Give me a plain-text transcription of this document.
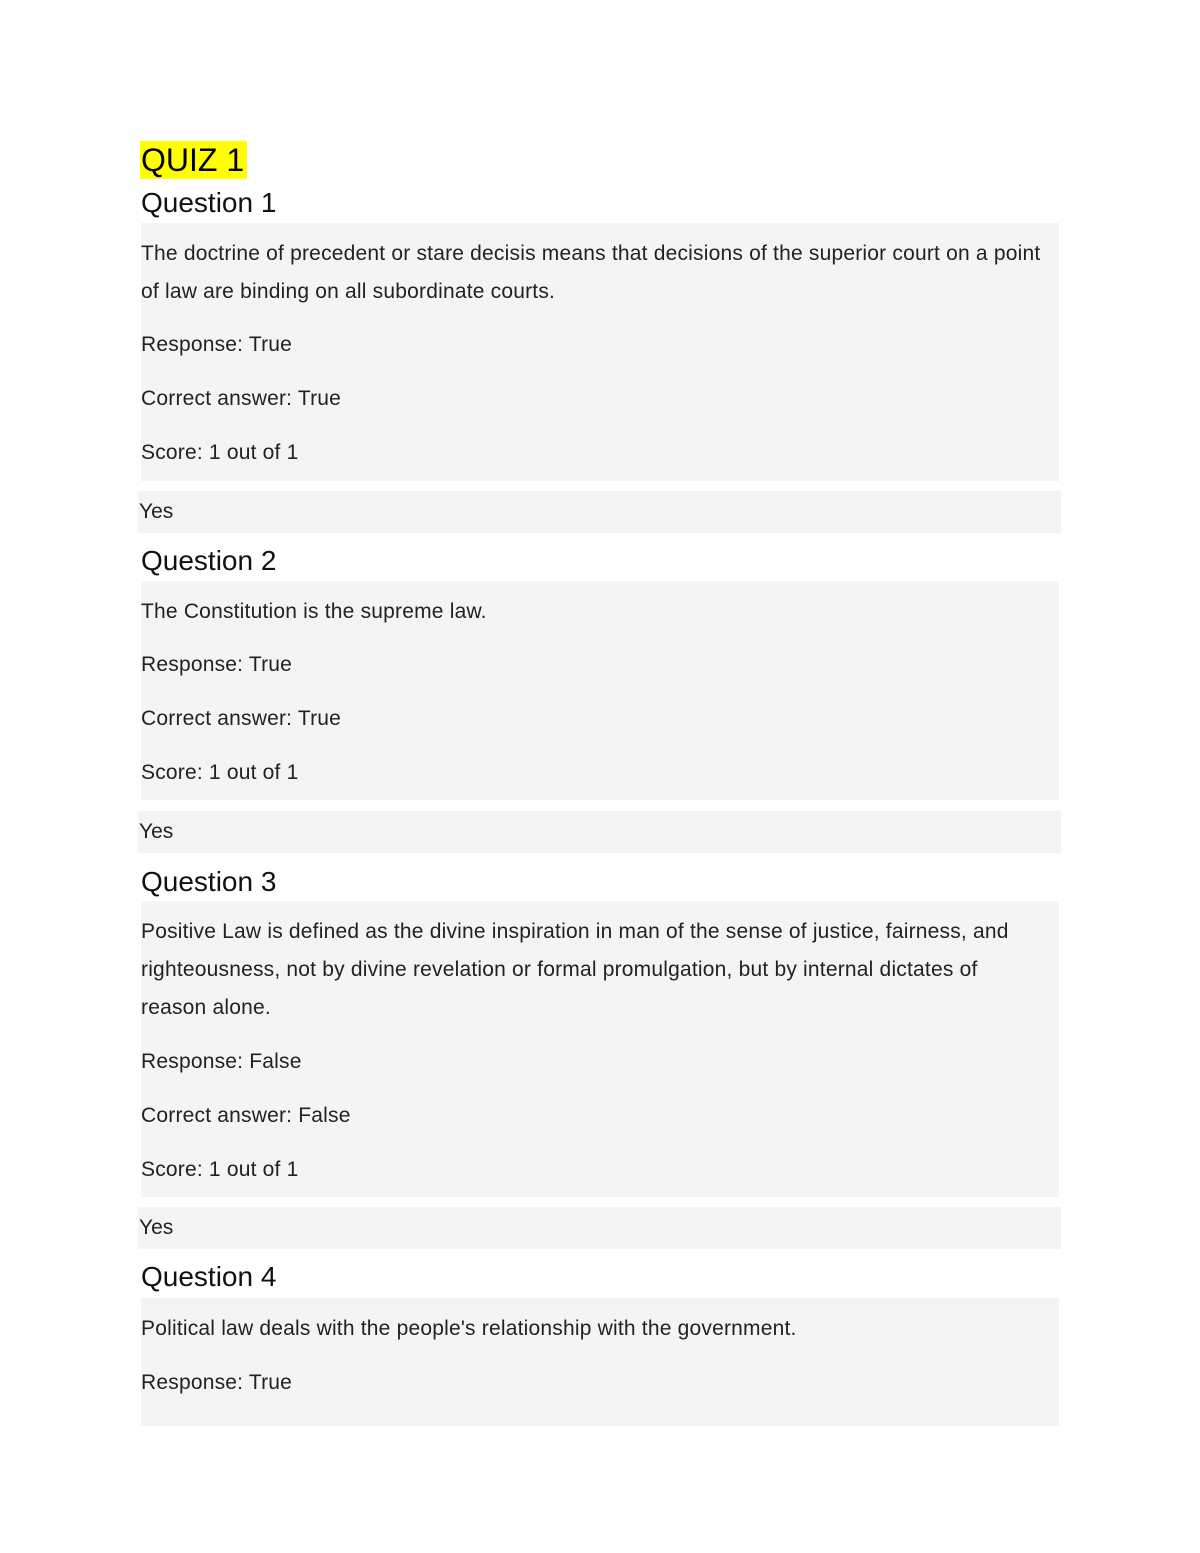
QUIZ 1
Question 1
The doctrine of precedent or stare decisis means that decisions of the superior court on a point of law are binding on all subordinate courts.
Response: True
Correct answer: True
Score: 1 out of 1
Yes
Question 2
The Constitution is the supreme law.
Response: True
Correct answer: True
Score: 1 out of 1
Yes
Question 3
Positive Law is defined as the divine inspiration in man of the sense of justice, fairness, and righteousness, not by divine revelation or formal promulgation, but by internal dictates of reason alone.
Response: False
Correct answer: False
Score: 1 out of 1
Yes
Question 4
Political law deals with the people's relationship with the government.
Response: True
